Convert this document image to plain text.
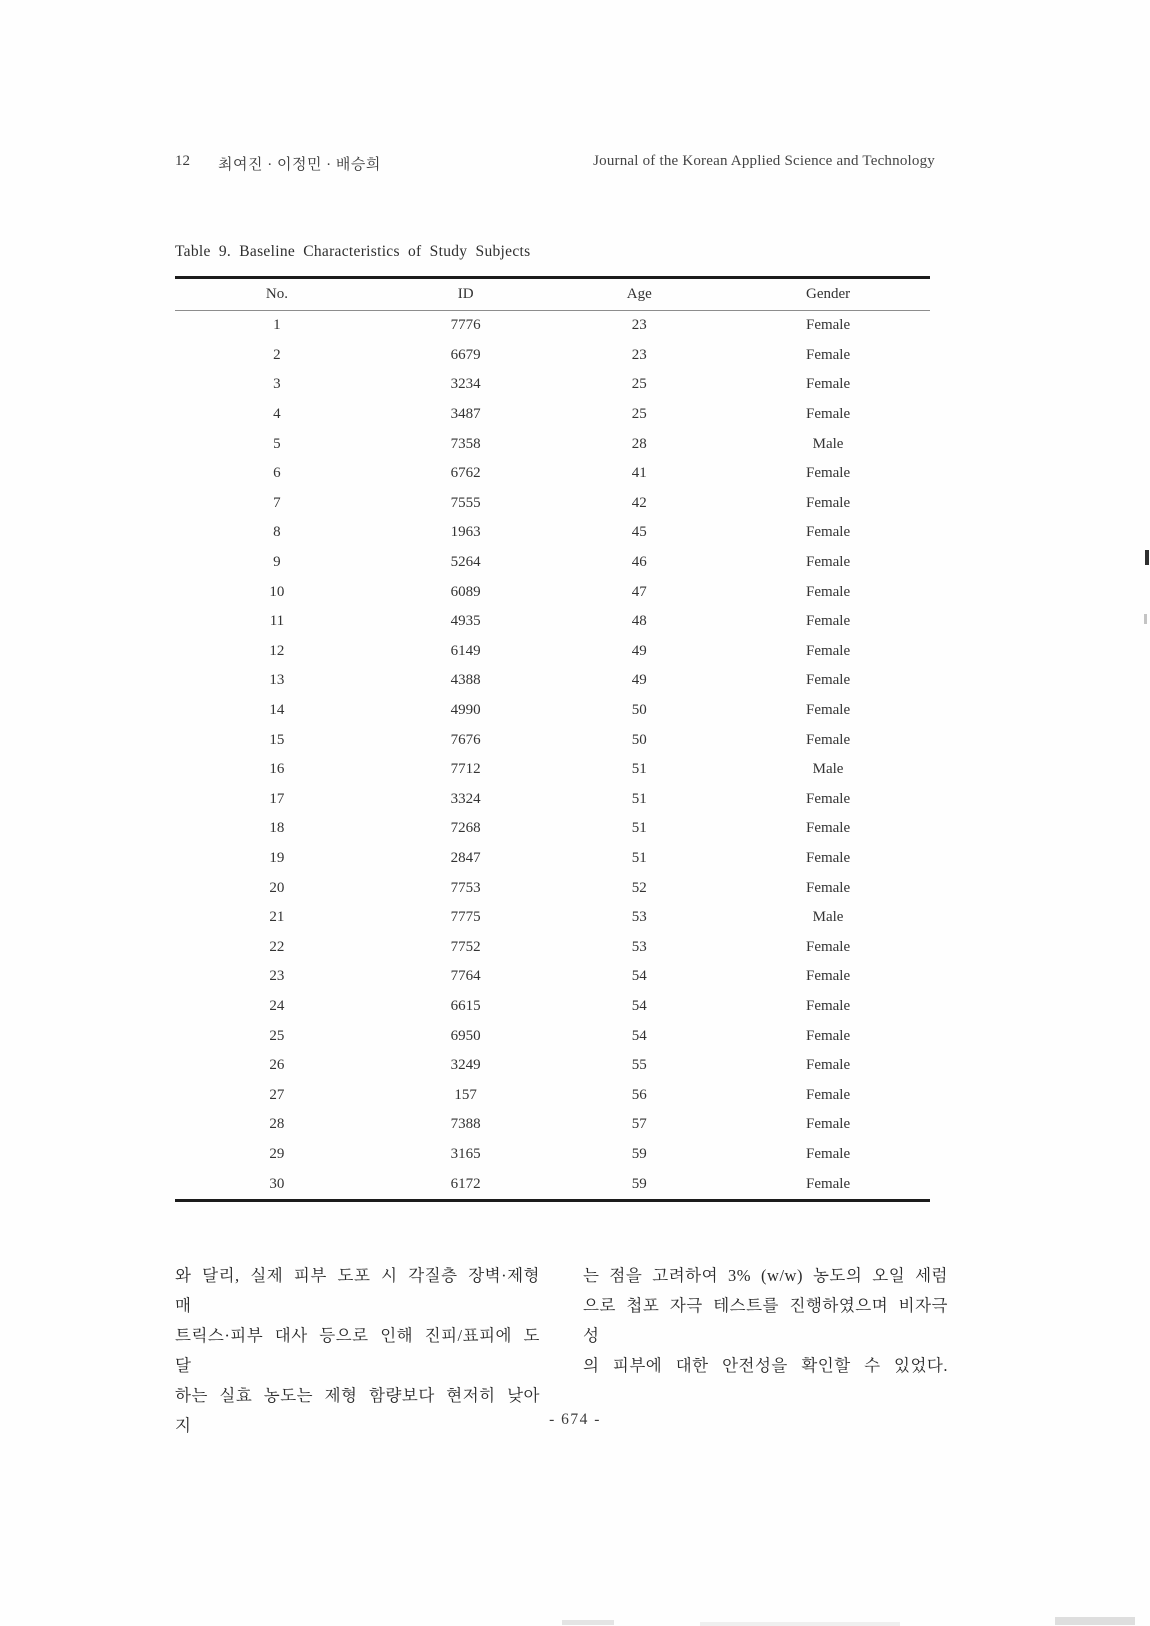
12 최여진 · 이정민 · 배승희	Journal of the Korean Applied Science and Technology
Table 9. Baseline Characteristics of Study Subjects
No.	ID	Age	Gender
1	7776	23	Female
2	6679	23	Female
3	3234	25	Female
4	3487	25	Female
5	7358	28	Male
6	6762	41	Female
7	7555	42	Female
8	1963	45	Female
9	5264	46	Female
10	6089	47	Female
11	4935	48	Female
12	6149	49	Female
13	4388	49	Female
14	4990	50	Female
15	7676	50	Female
16	7712	51	Male
17	3324	51	Female
18	7268	51	Female
19	2847	51	Female
20	7753	52	Female
21	7775	53	Male
22	7752	53	Female
23	7764	54	Female
24	6615	54	Female
25	6950	54	Female
26	3249	55	Female
27	157	56	Female
28	7388	57	Female
29	3165	59	Female
30	6172	59	Female
와 달리, 실제 피부 도포 시 각질층 장벽·제형 매
트릭스·피부 대사 등으로 인해 진피/표피에 도달
하는 실효 농도는 제형 함량보다 현저히 낮아지
는 점을 고려하여 3% (w/w) 농도의 오일 세럼
으로 첩포 자극 테스트를 진행하였으며 비자극성
의 피부에 대한 안전성을 확인할 수 있었다.
- 674 -
